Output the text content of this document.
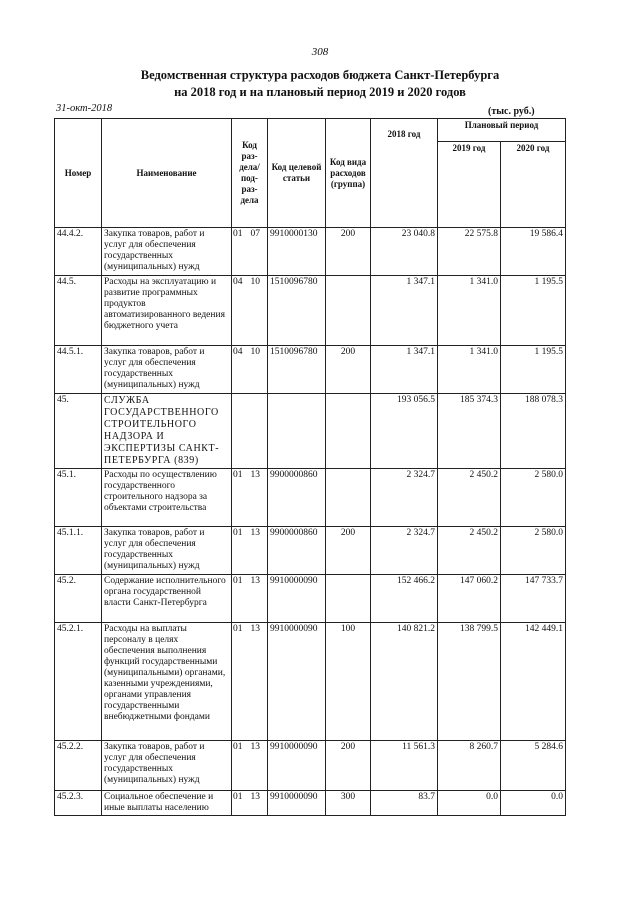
308
Ведомственная структура расходов бюджета Санкт-Петербурга
на 2018 год и на плановый период 2019 и 2020 годов
31-окт-2018	(тыс. руб.)
Номер	Наименование	Код раз- дела/ под- раз- дела	Код целевой статьи	Код вида расходов (группа)	2018 год	Плановый период	
						2019 год	2020 год
44.4.2.	Закупка товаров, работ и услуг для обеспечения государственных (муниципальных) нужд	01 07	9910000130	200	23 040.8	22 575.8	19 586.4
44.5.	Расходы на эксплуатацию и развитие программных продуктов автоматизированного ведения бюджетного учета	04 10	1510096780		1 347.1	1 341.0	1 195.5
44.5.1.	Закупка товаров, работ и услуг для обеспечения государственных (муниципальных) нужд	04 10	1510096780	200	1 347.1	1 341.0	1 195.5
45.	СЛУЖБА ГОСУДАРСТВЕННОГО СТРОИТЕЛЬНОГО НАДЗОРА И ЭКСПЕРТИЗЫ САНКТ-ПЕТЕРБУРГА (839)				193 056.5	185 374.3	188 078.3
45.1.	Расходы по осуществлению государственного строительного надзора за объектами строительства	01 13	9900000860		2 324.7	2 450.2	2 580.0
45.1.1.	Закупка товаров, работ и услуг для обеспечения государственных (муниципальных) нужд	01 13	9900000860	200	2 324.7	2 450.2	2 580.0
45.2.	Содержание исполнительного органа государственной власти Санкт-Петербурга	01 13	9910000090		152 466.2	147 060.2	147 733.7
45.2.1.	Расходы на выплаты персоналу в целях обеспечения выполнения функций государственными (муниципальными) органами, казенными учреждениями, органами управления государственными внебюджетными фондами	01 13	9910000090	100	140 821.2	138 799.5	142 449.1
45.2.2.	Закупка товаров, работ и услуг для обеспечения государственных (муниципальных) нужд	01 13	9910000090	200	11 561.3	8 260.7	5 284.6
45.2.3.	Социальное обеспечение и иные выплаты населению	01 13	9910000090	300	83.7	0.0	0.0
